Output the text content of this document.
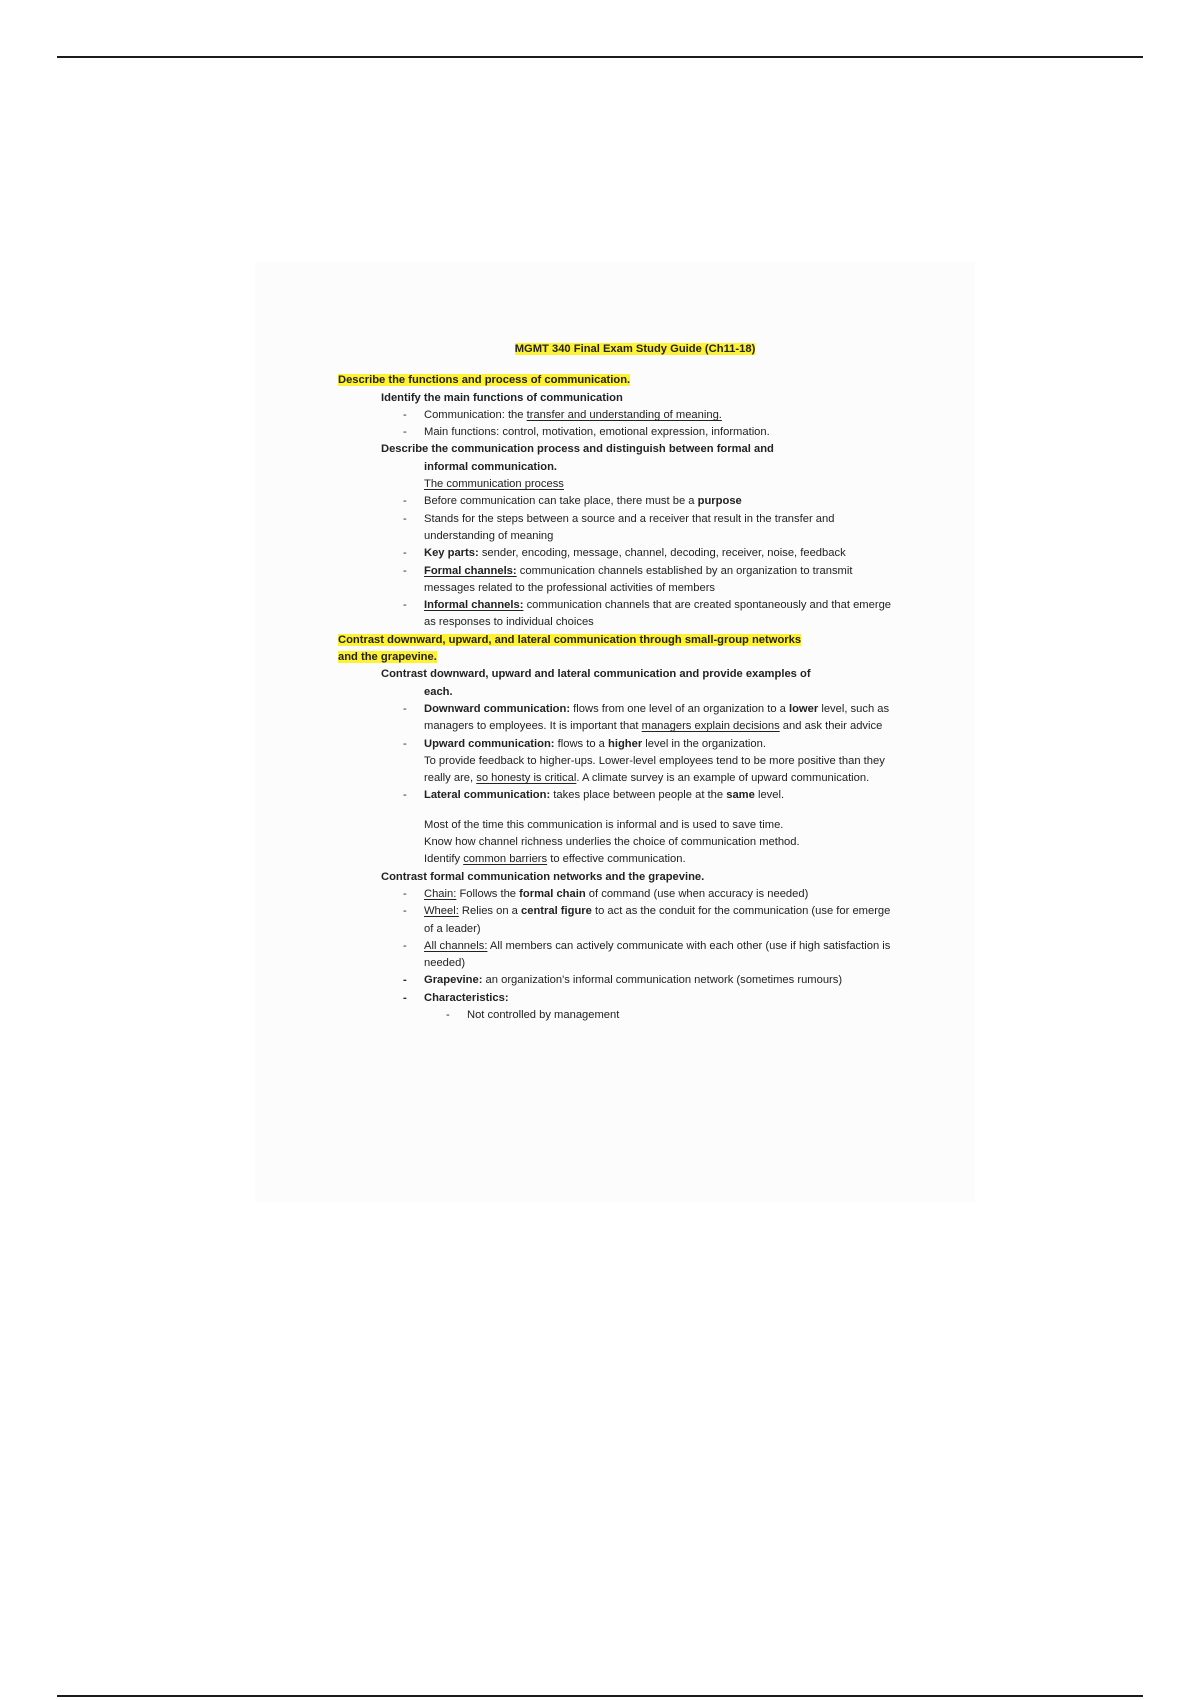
MGMT 340 Final Exam Study Guide (Ch11-18)

Describe the functions and process of communication.

Identify the main functions of communication

- Communication: the transfer and understanding of meaning.
- Main functions: control, motivation, emotional expression, information.

Describe the communication process and distinguish between formal and
informal communication.

The communication process

- Before communication can take place, there must be a purpose
- Stands for the steps between a source and a receiver that result in the transfer and understanding of meaning
- Key parts: sender, encoding, message, channel, decoding, receiver, noise, feedback
- Formal channels: communication channels established by an organization to transmit messages related to the professional activities of members
- Informal channels: communication channels that are created spontaneously and that emerge as responses to individual choices

Contrast downward, upward, and lateral communication through small-group networks
and the grapevine.

Contrast downward, upward and lateral communication and provide examples of
each.

- Downward communication: flows from one level of an organization to a lower level, such as managers to employees. It is important that managers explain decisions and ask their advice
- Upward communication: flows to a higher level in the organization.
To provide feedback to higher-ups. Lower-level employees tend to be more positive than they really are, so honesty is critical. A climate survey is an example of upward communication.
- Lateral communication: takes place between people at the same level.

Most of the time this communication is informal and is used to save time.

Know how channel richness underlies the choice of communication method.

Identify common barriers to effective communication.

Contrast formal communication networks and the grapevine.

- Chain: Follows the formal chain of command (use when accuracy is needed)
- Wheel: Relies on a central figure to act as the conduit for the communication (use for emerge of a leader)
- All channels: All members can actively communicate with each other (use if high satisfaction is needed)
- Grapevine: an organization's informal communication network (sometimes rumours)
- Characteristics:
- Not controlled by management
